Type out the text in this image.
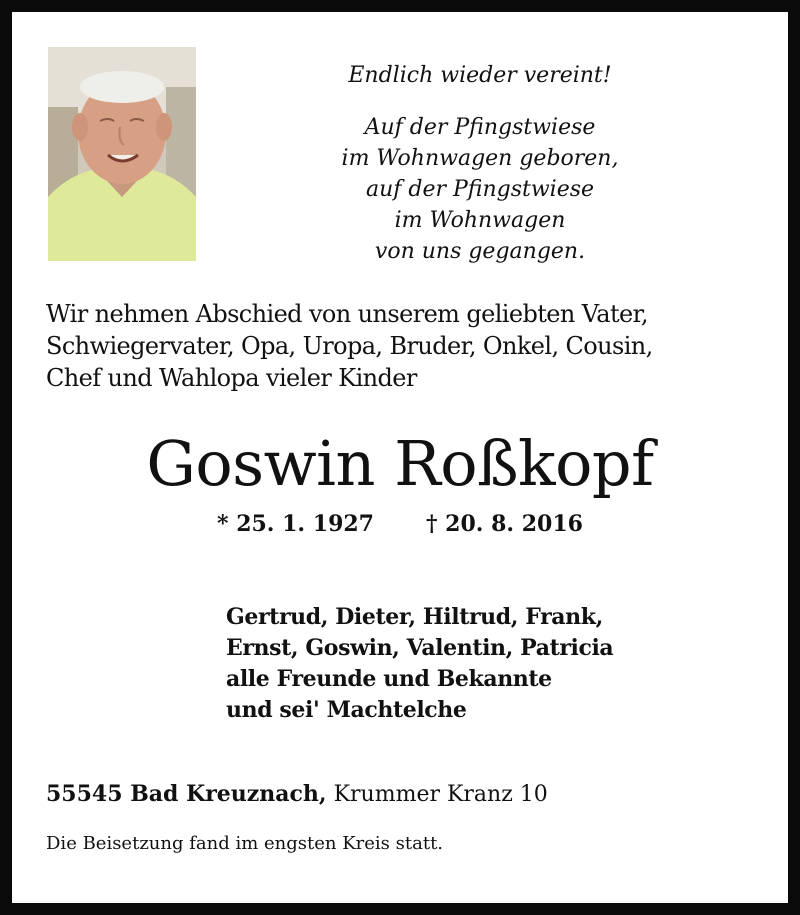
Endlich wieder vereint!
Auf der Pfingstwiese
im Wohnwagen geboren,
auf der Pfingstwiese
im Wohnwagen
von uns gegangen.
Wir nehmen Abschied von unserem geliebten Vater,
Schwiegervater, Opa, Uropa, Bruder, Onkel, Cousin,
Chef und Wahlopa vieler Kinder
Goswin Roßkopf
* 25. 1. 1927 † 20. 8. 2016
Gertrud, Dieter, Hiltrud, Frank,
Ernst, Goswin, Valentin, Patricia
alle Freunde und Bekannte
und sei' Machtelche
55545 Bad Kreuznach, Krummer Kranz 10
Die Beisetzung fand im engsten Kreis statt.
